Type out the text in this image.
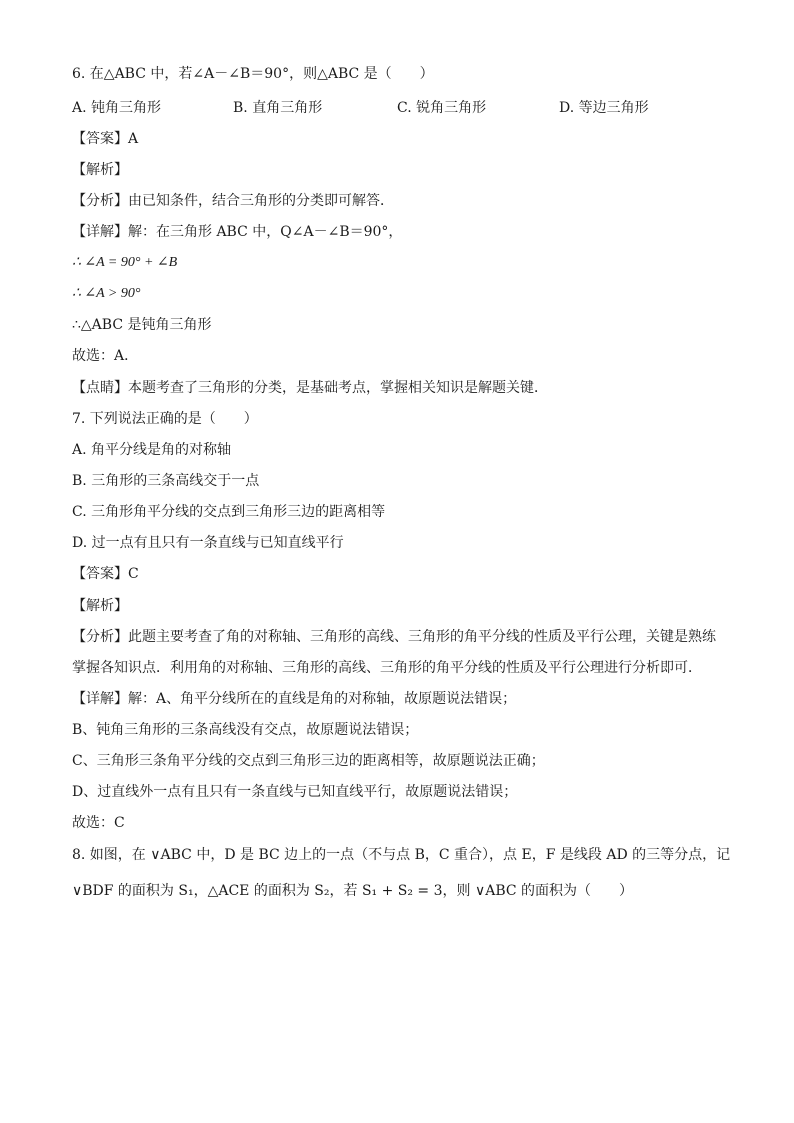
6. 在△ABC 中，若∠A－∠B＝90°，则△ABC 是（　　）
A. 钝角三角形	B. 直角三角形	C. 锐角三角形	D. 等边三角形
【答案】A
【解析】
【分析】由已知条件，结合三角形的分类即可解答．
【详解】解：在三角形 ABC 中，Q∠A－∠B＝90°，
∴ ∠A = 90° + ∠B
∴ ∠A > 90°
∴△ABC 是钝角三角形
故选：A．
【点睛】本题考查了三角形的分类，是基础考点，掌握相关知识是解题关键．
7. 下列说法正确的是（　　）
A. 角平分线是角的对称轴
B. 三角形的三条高线交于一点
C. 三角形角平分线的交点到三角形三边的距离相等
D. 过一点有且只有一条直线与已知直线平行
【答案】C
【解析】
【分析】此题主要考查了角的对称轴、三角形的高线、三角形的角平分线的性质及平行公理，关键是熟练
掌握各知识点．利用角的对称轴、三角形的高线、三角形的角平分线的性质及平行公理进行分析即可．
【详解】解：A、角平分线所在的直线是角的对称轴，故原题说法错误；
B、钝角三角形的三条高线没有交点，故原题说法错误；
C、三角形三条角平分线的交点到三角形三边的距离相等，故原题说法正确；
D、过直线外一点有且只有一条直线与已知直线平行，故原题说法错误；
故选：C
8. 如图，在 ∨ABC 中，D 是 BC 边上的一点（不与点 B，C 重合），点 E，F 是线段 AD 的三等分点，记
∨BDF 的面积为 S₁，△ACE 的面积为 S₂，若 S₁ + S₂ = 3，则 ∨ABC 的面积为（　　）
